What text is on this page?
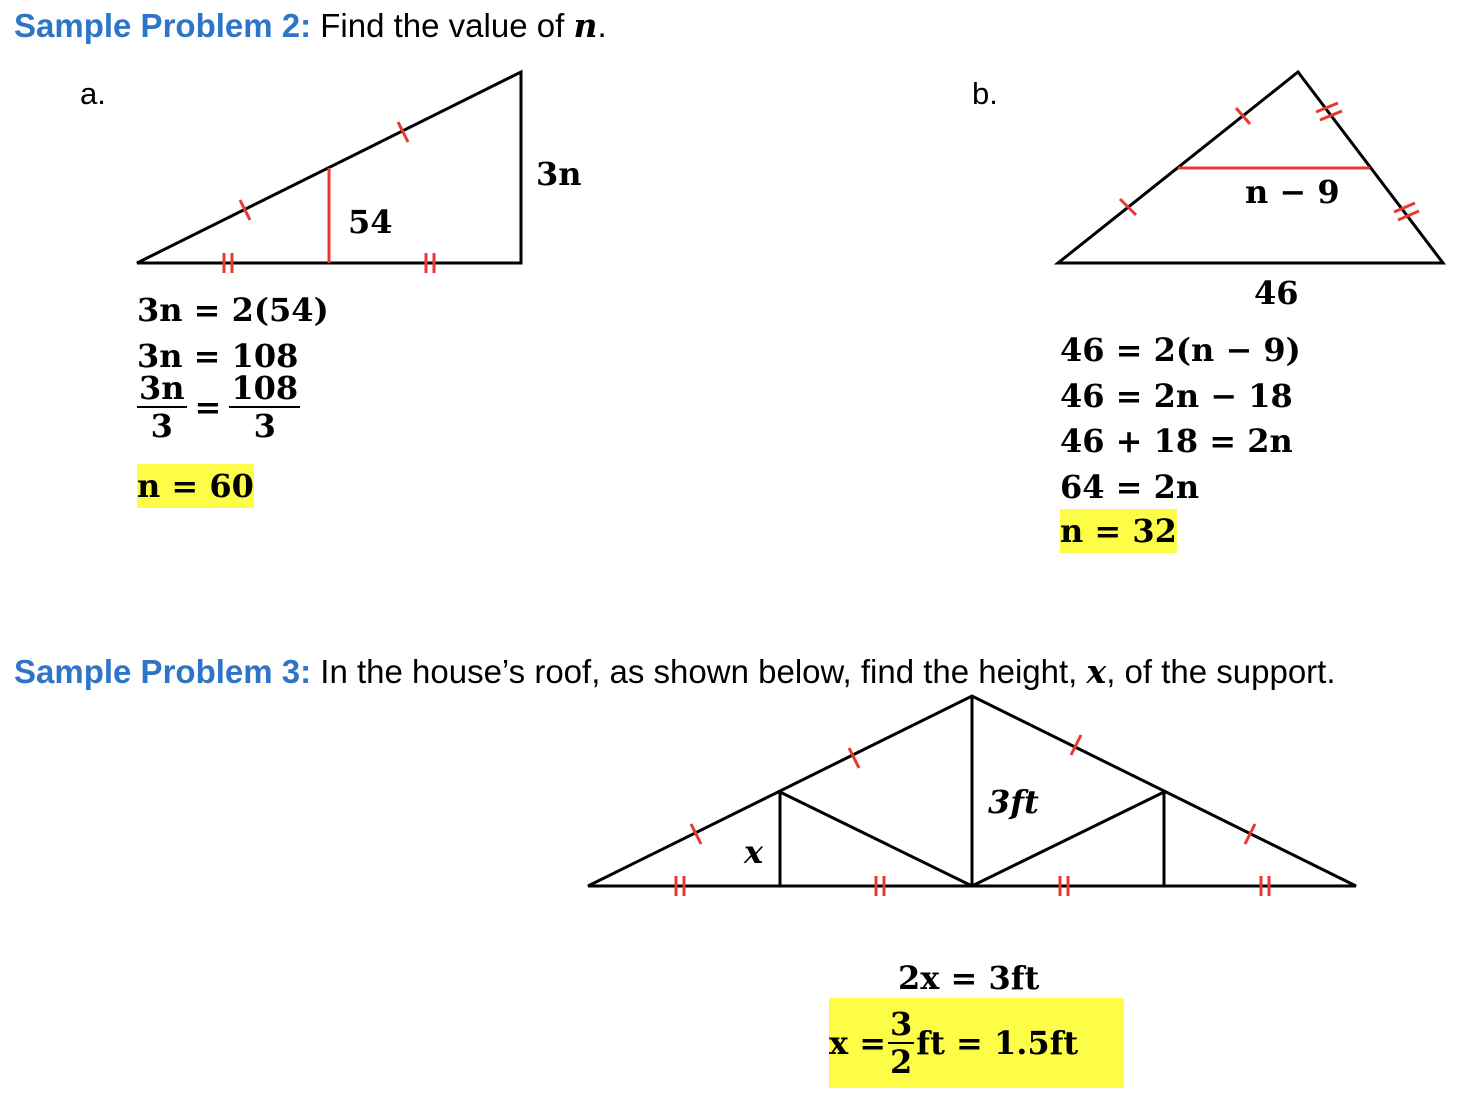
Sample Problem 2: Find the value of n.
a.	b.
3n
54
3n = 2(54)
3n = 108
$\frac{3n}{3} = \frac{108}{3}$
n = 60
n − 9
46
46 = 2(n − 9)
46 = 2n − 18
46 + 18 = 2n
64 = 2n
n = 32
Sample Problem 3: In the house’s roof, as shown below, find the height, x, of the support.
3ft
x
2x = 3ft
$x = \frac{3}{2}$ ft = 1.5ft
